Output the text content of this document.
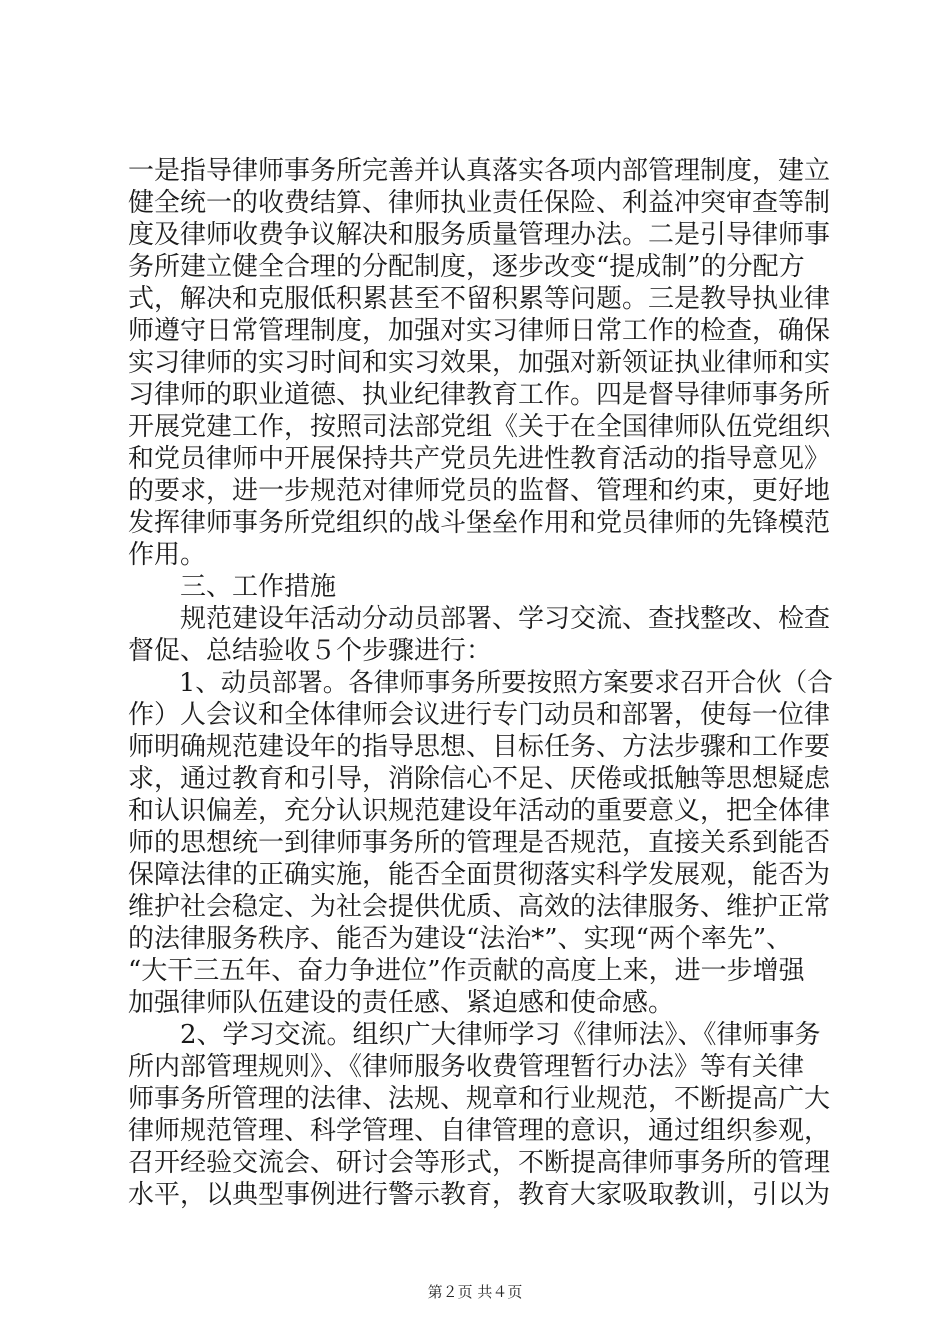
一是指导律师事务所完善并认真落实各项内部管理制度，建立
健全统一的收费结算、律师执业责任保险、利益冲突审查等制
度及律师收费争议解决和服务质量管理办法。二是引导律师事
务所建立健全合理的分配制度，逐步改变“提成制”的分配方
式，解决和克服低积累甚至不留积累等问题。三是教导执业律
师遵守日常管理制度，加强对实习律师日常工作的检查，确保
实习律师的实习时间和实习效果，加强对新领证执业律师和实
习律师的职业道德、执业纪律教育工作。四是督导律师事务所
开展党建工作，按照司法部党组《关于在全国律师队伍党组织
和党员律师中开展保持共产党员先进性教育活动的指导意见》
的要求，进一步规范对律师党员的监督、管理和约束，更好地
发挥律师事务所党组织的战斗堡垒作用和党员律师的先锋模范
作用。
　　三、工作措施
　　规范建设年活动分动员部署、学习交流、查找整改、检查
督促、总结验收５个步骤进行：
　　1、动员部署。各律师事务所要按照方案要求召开合伙（合
作）人会议和全体律师会议进行专门动员和部署，使每一位律
师明确规范建设年的指导思想、目标任务、方法步骤和工作要
求，通过教育和引导，消除信心不足、厌倦或抵触等思想疑虑
和认识偏差，充分认识规范建设年活动的重要意义，把全体律
师的思想统一到律师事务所的管理是否规范，直接关系到能否
保障法律的正确实施，能否全面贯彻落实科学发展观，能否为
维护社会稳定、为社会提供优质、高效的法律服务、维护正常
的法律服务秩序、能否为建设“法治*”、实现“两个率先”、
“大干三五年、奋力争进位”作贡献的高度上来，进一步增强
加强律师队伍建设的责任感、紧迫感和使命感。
　　2、学习交流。组织广大律师学习《律师法》、《律师事务
所内部管理规则》、《律师服务收费管理暂行办法》等有关律
师事务所管理的法律、法规、规章和行业规范，不断提高广大
律师规范管理、科学管理、自律管理的意识，通过组织参观，
召开经验交流会、研讨会等形式，不断提高律师事务所的管理
水平，以典型事例进行警示教育，教育大家吸取教训，引以为
第２页 共４页
